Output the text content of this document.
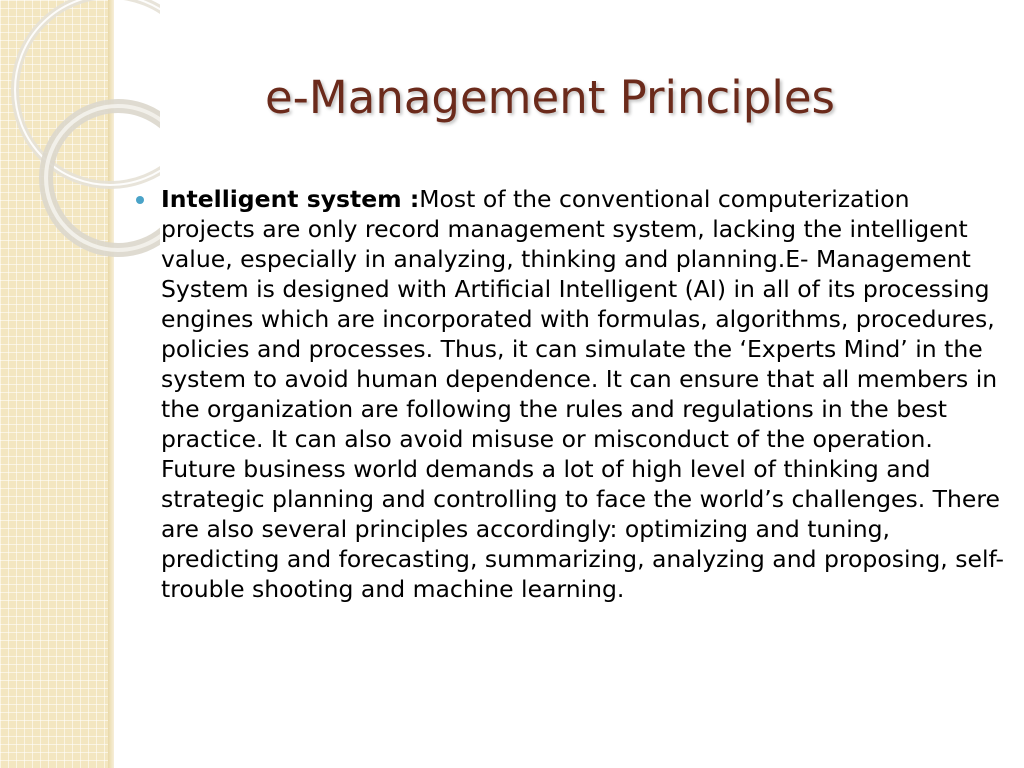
e-Management Principles
Intelligent system :Most of the conventional computerization projects are only record management system, lacking the intelligent value, especially in analyzing, thinking and planning.E- Management System is designed with Artificial Intelligent (AI) in all of its processing engines which are incorporated with formulas, algorithms, procedures, policies and processes. Thus, it can simulate the ‘Experts Mind’ in the system to avoid human dependence. It can ensure that all members in the organization are following the rules and regulations in the best practice. It can also avoid misuse or misconduct of the operation. Future business world demands a lot of high level of thinking and strategic planning and controlling to face the world’s challenges. There are also several principles accordingly: optimizing and tuning, predicting and forecasting, summarizing, analyzing and proposing, self-trouble shooting and machine learning.
